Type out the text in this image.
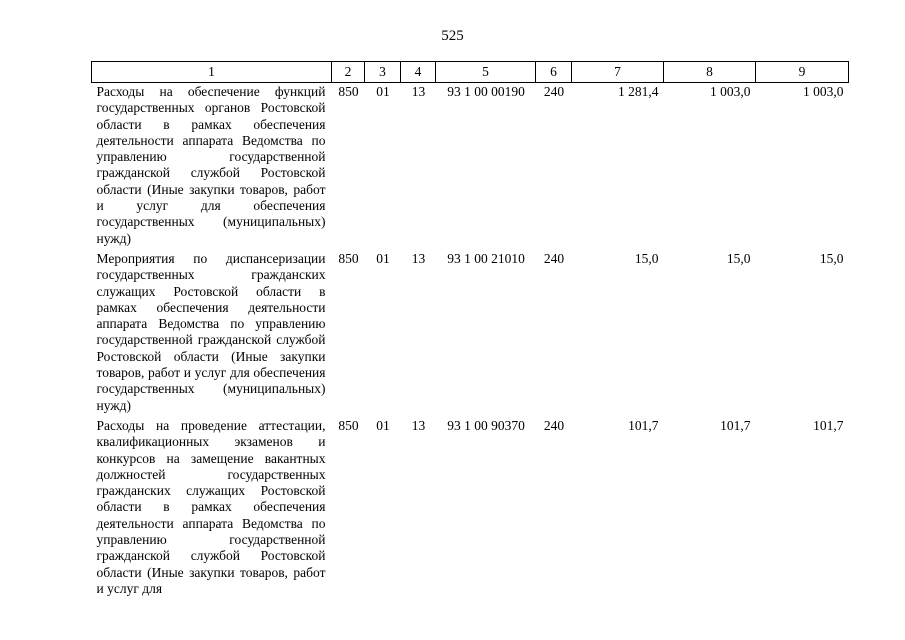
525
1	2	3	4	5	6	7	8	9
Расходы на обеспечение функций государственных органов Ростовской области в рамках обеспечения деятельности аппарата Ведомства по управлению государственной гражданской службой Ростовской области (Иные закупки товаров, работ и услуг для обеспечения государственных (муниципальных) нужд)	850	01	13	93 1 00 00190	240	1 281,4	1 003,0	1 003,0
Мероприятия по диспансеризации государственных гражданских служащих Ростовской области в рамках обеспечения деятельности аппарата Ведомства по управлению государственной гражданской службой Ростовской области (Иные закупки товаров, работ и услуг для обеспечения государственных (муниципальных) нужд)	850	01	13	93 1 00 21010	240	15,0	15,0	15,0
Расходы на проведение аттестации, квалификационных экзаменов и конкурсов на замещение вакантных должностей государственных гражданских служащих Ростовской области в рамках обеспечения деятельности аппарата Ведомства по управлению государственной гражданской службой Ростовской области (Иные закупки товаров, работ и услуг для	850	01	13	93 1 00 90370	240	101,7	101,7	101,7
